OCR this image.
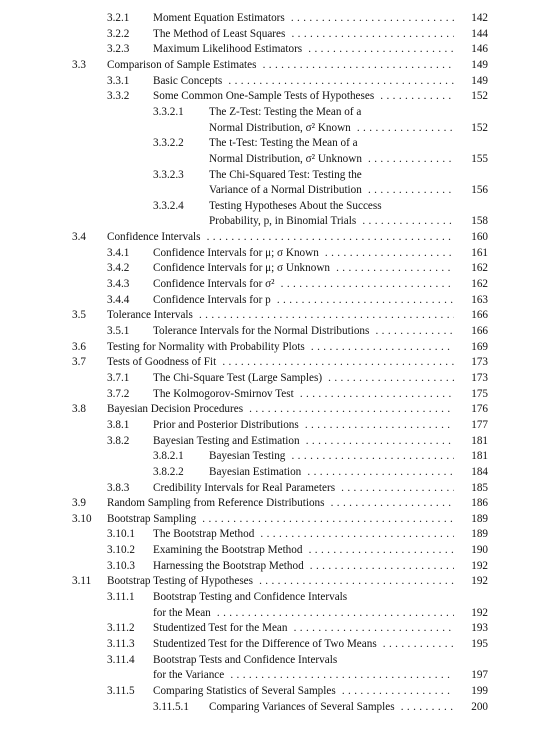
3.2.1 Moment Equation Estimators . . .	142
3.2.2 The Method of Least Squares . . .	144
3.2.3 Maximum Likelihood Estimators . . .	146
3.3 Comparison of Sample Estimates . . .	149
3.3.1 Basic Concepts . . .	149
3.3.2 Some Common One-Sample Tests of Hypotheses . . .	152
3.3.2.1 The Z-Test: Testing the Mean of a
Normal Distribution, σ² Known . . .	152
3.3.2.2 The t-Test: Testing the Mean of a
Normal Distribution, σ² Unknown . . .	155
3.3.2.3 The Chi-Squared Test: Testing the
Variance of a Normal Distribution . . .	156
3.3.2.4 Testing Hypotheses About the Success
Probability, p, in Binomial Trials . . .	158
3.4 Confidence Intervals . . .	160
3.4.1 Confidence Intervals for μ; σ Known . . .	161
3.4.2 Confidence Intervals for μ; σ Unknown . . .	162
3.4.3 Confidence Intervals for σ² . . .	162
3.4.4 Confidence Intervals for p . . .	163
3.5 Tolerance Intervals . . .	166
3.5.1 Tolerance Intervals for the Normal Distributions . . .	166
3.6 Testing for Normality with Probability Plots . . .	169
3.7 Tests of Goodness of Fit . . .	173
3.7.1 The Chi-Square Test (Large Samples) . . .	173
3.7.2 The Kolmogorov-Smirnov Test . . .	175
3.8 Bayesian Decision Procedures . . .	176
3.8.1 Prior and Posterior Distributions . . .	177
3.8.2 Bayesian Testing and Estimation . . .	181
3.8.2.1 Bayesian Testing . . .	181
3.8.2.2 Bayesian Estimation . . .	184
3.8.3 Credibility Intervals for Real Parameters . . .	185
3.9 Random Sampling from Reference Distributions . . .	186
3.10 Bootstrap Sampling . . .	189
3.10.1 The Bootstrap Method . . .	189
3.10.2 Examining the Bootstrap Method . . .	190
3.10.3 Harnessing the Bootstrap Method . . .	192
3.11 Bootstrap Testing of Hypotheses . . .	192
3.11.1 Bootstrap Testing and Confidence Intervals
for the Mean . . .	192
3.11.2 Studentized Test for the Mean . . .	193
3.11.3 Studentized Test for the Difference of Two Means . . .	195
3.11.4 Bootstrap Tests and Confidence Intervals
for the Variance . . .	197
3.11.5 Comparing Statistics of Several Samples . . .	199
3.11.5.1 Comparing Variances of Several Samples . . .	200
